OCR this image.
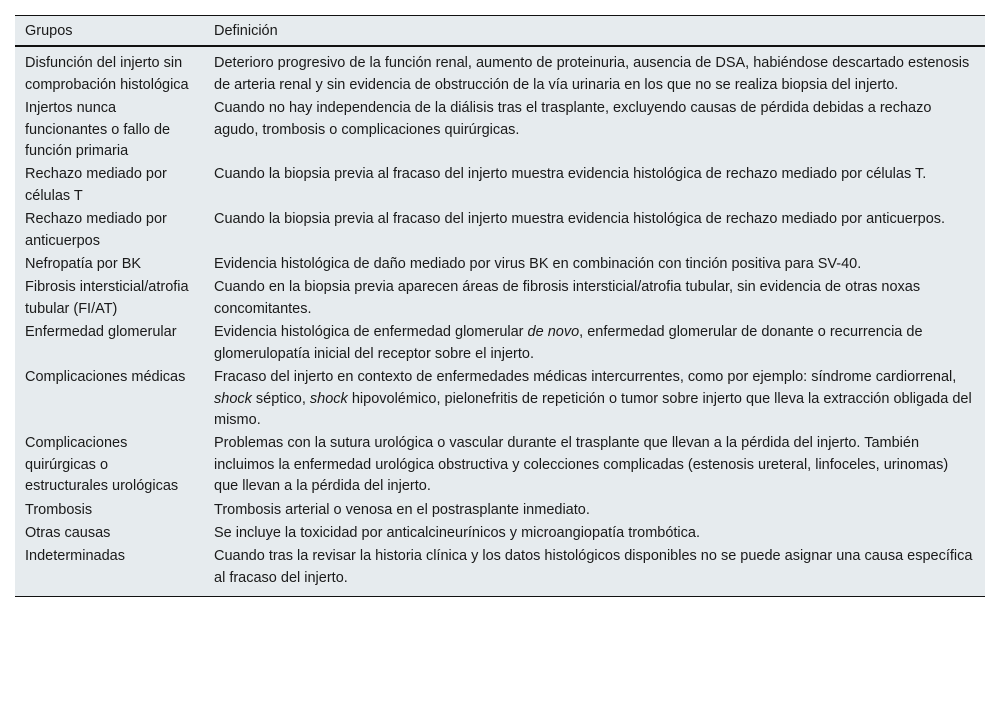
Grupos	Definición
Disfunción del injerto sin comprobación histológica	Deterioro progresivo de la función renal, aumento de proteinuria, ausencia de DSA, habiéndose descartado estenosis de arteria renal y sin evidencia de obstrucción de la vía urinaria en los que no se realiza biopsia del injerto.
Injertos nunca funcionantes o fallo de función primaria	Cuando no hay independencia de la diálisis tras el trasplante, excluyendo causas de pérdida debidas a rechazo agudo, trombosis o complicaciones quirúrgicas.
Rechazo mediado por células T	Cuando la biopsia previa al fracaso del injerto muestra evidencia histológica de rechazo mediado por células T.
Rechazo mediado por anticuerpos	Cuando la biopsia previa al fracaso del injerto muestra evidencia histológica de rechazo mediado por anticuerpos.
Nefropatía por BK	Evidencia histológica de daño mediado por virus BK en combinación con tinción positiva para SV-40.
Fibrosis intersticial/atrofia tubular (FI/AT)	Cuando en la biopsia previa aparecen áreas de fibrosis intersticial/atrofia tubular, sin evidencia de otras noxas concomitantes.
Enfermedad glomerular	Evidencia histológica de enfermedad glomerular de novo, enfermedad glomerular de donante o recurrencia de glomerulopatía inicial del receptor sobre el injerto.
Complicaciones médicas	Fracaso del injerto en contexto de enfermedades médicas intercurrentes, como por ejemplo: síndrome cardiorrenal, shock séptico, shock hipovolémico, pielonefritis de repetición o tumor sobre injerto que lleva la extracción obligada del mismo.
Complicaciones quirúrgicas o estructurales urológicas	Problemas con la sutura urológica o vascular durante el trasplante que llevan a la pérdida del injerto. También incluimos la enfermedad urológica obstructiva y colecciones complicadas (estenosis ureteral, linfoceles, urinomas) que llevan a la pérdida del injerto.
Trombosis	Trombosis arterial o venosa en el postrasplante inmediato.
Otras causas	Se incluye la toxicidad por anticalcineurínicos y microangiopatía trombótica.
Indeterminadas	Cuando tras la revisar la historia clínica y los datos histológicos disponibles no se puede asignar una causa específica al fracaso del injerto.
